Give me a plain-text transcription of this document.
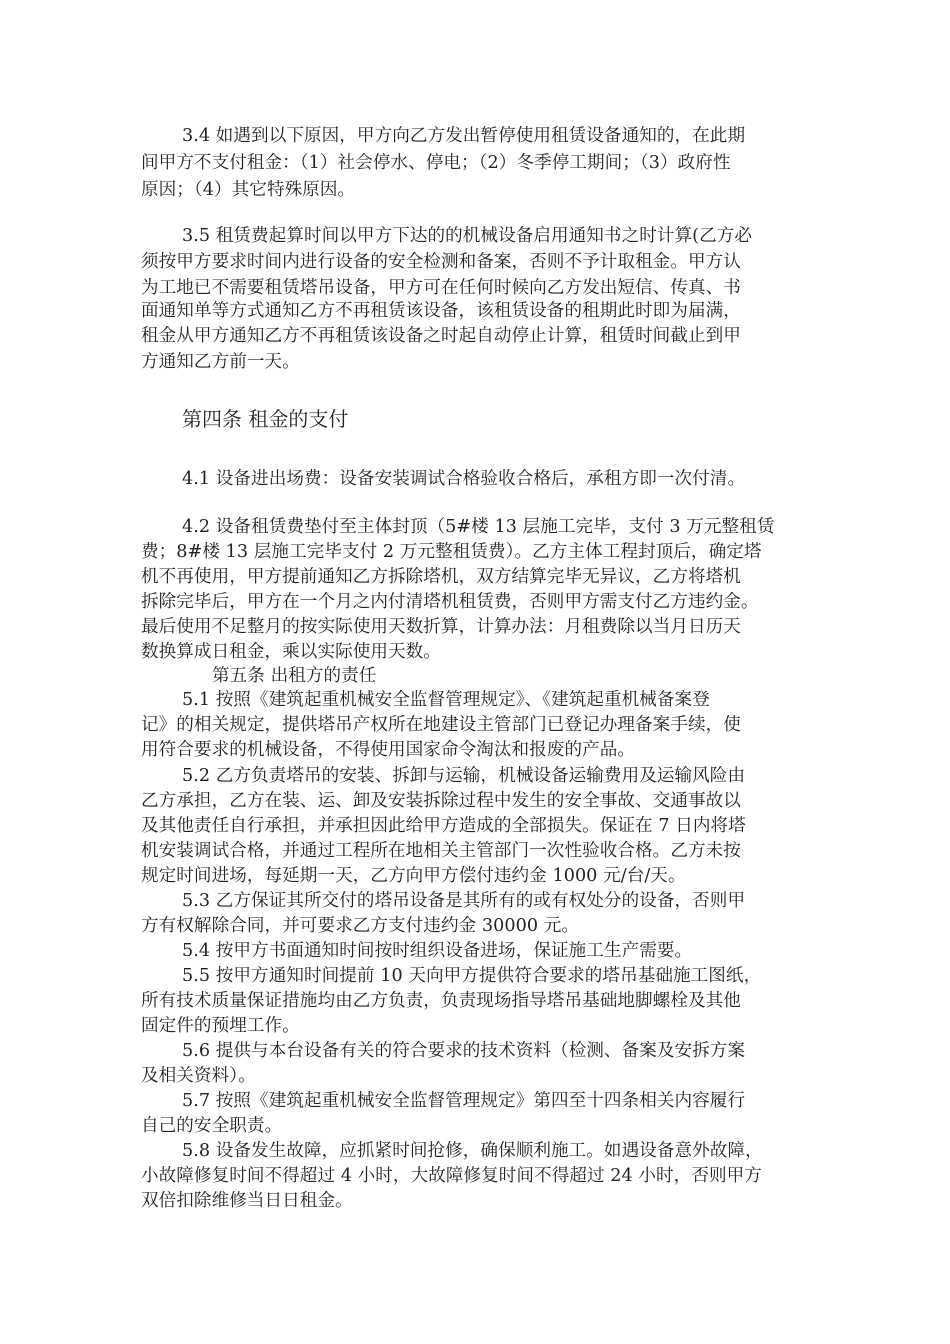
3.4 如遇到以下原因，甲方向乙方发出暂停使用租赁设备通知的，在此期
间甲方不支付租金：（1）社会停水、停电；（2）冬季停工期间；（3）政府性
原因；（4）其它特殊原因。
3.5 租赁费起算时间以甲方下达的的机械设备启用通知书之时计算(乙方必
须按甲方要求时间内进行设备的安全检测和备案，否则不予计取租金。甲方认
为工地已不需要租赁塔吊设备，甲方可在任何时候向乙方发出短信、传真、书
面通知单等方式通知乙方不再租赁该设备，该租赁设备的租期此时即为届满，
租金从甲方通知乙方不再租赁该设备之时起自动停止计算，租赁时间截止到甲
方通知乙方前一天。
第四条 租金的支付
4.1 设备进出场费：设备安装调试合格验收合格后，承租方即一次付清。
4.2 设备租赁费垫付至主体封顶（5#楼 13 层施工完毕，支付 3 万元整租赁
费；8#楼 13 层施工完毕支付 2 万元整租赁费）。乙方主体工程封顶后，确定塔
机不再使用，甲方提前通知乙方拆除塔机，双方结算完毕无异议，乙方将塔机
拆除完毕后，甲方在一个月之内付清塔机租赁费，否则甲方需支付乙方违约金。
最后使用不足整月的按实际使用天数折算，计算办法：月租费除以当月日历天
数换算成日租金，乘以实际使用天数。
第五条 出租方的责任
5.1 按照《建筑起重机械安全监督管理规定》、《建筑起重机械备案登
记》的相关规定，提供塔吊产权所在地建设主管部门已登记办理备案手续，使
用符合要求的机械设备，不得使用国家命令淘汰和报废的产品。
5.2 乙方负责塔吊的安装、拆卸与运输，机械设备运输费用及运输风险由
乙方承担，乙方在装、运、卸及安装拆除过程中发生的安全事故、交通事故以
及其他责任自行承担，并承担因此给甲方造成的全部损失。保证在 7 日内将塔
机安装调试合格，并通过工程所在地相关主管部门一次性验收合格。乙方未按
规定时间进场，每延期一天，乙方向甲方偿付违约金 1000 元/台/天。
5.3 乙方保证其所交付的塔吊设备是其所有的或有权处分的设备，否则甲
方有权解除合同，并可要求乙方支付违约金 30000 元。
5.4 按甲方书面通知时间按时组织设备进场，保证施工生产需要。
5.5 按甲方通知时间提前 10 天向甲方提供符合要求的塔吊基础施工图纸，
所有技术质量保证措施均由乙方负责，负责现场指导塔吊基础地脚螺栓及其他
固定件的预埋工作。
5.6 提供与本台设备有关的符合要求的技术资料（检测、备案及安拆方案
及相关资料）。
5.7 按照《建筑起重机械安全监督管理规定》第四至十四条相关内容履行
自己的安全职责。
5.8 设备发生故障，应抓紧时间抢修，确保顺利施工。如遇设备意外故障，
小故障修复时间不得超过 4 小时，大故障修复时间不得超过 24 小时，否则甲方
双倍扣除维修当日日租金。
